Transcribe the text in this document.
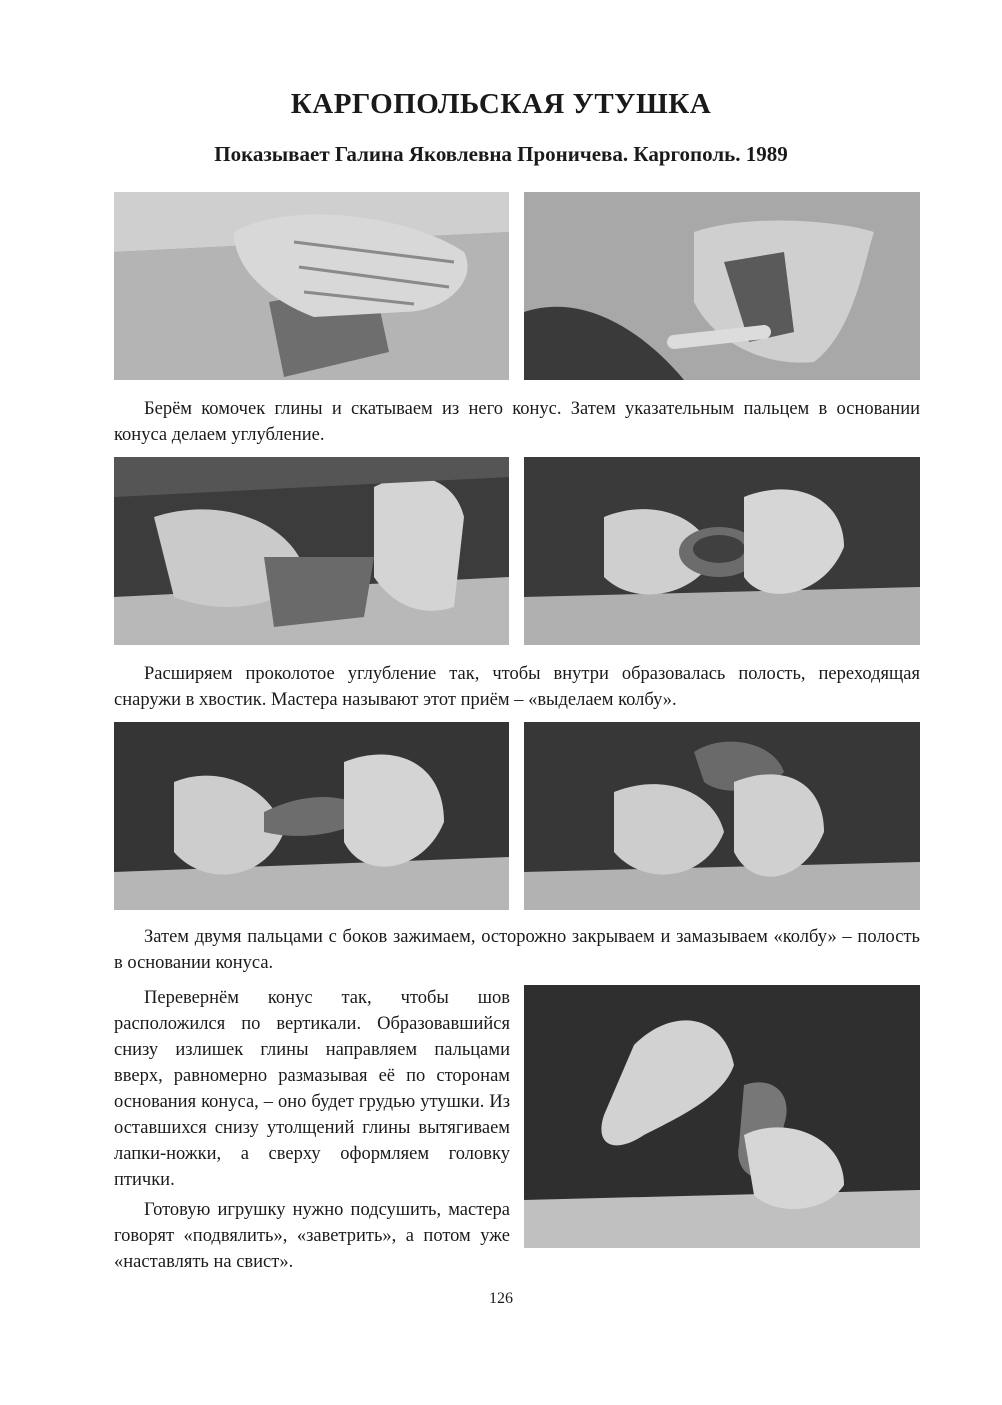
КАРГОПОЛЬСКАЯ УТУШКА
Показывает Галина Яковлевна Проничева. Каргополь. 1989

Берём комочек глины и скатываем из него конус. Затем указательным пальцем в основании конуса делаем углубление.

Расширяем проколотое углубление так, чтобы внутри образовалась полость, переходящая снаружи в хвостик. Мастера называют этот приём – «выделаем колбу».

Затем двумя пальцами с боков зажимаем, осторожно закрываем и замазываем «колбу» – полость в основании конуса.

Перевернём конус так, чтобы шов расположился по вертикали. Образовавшийся снизу излишек глины направляем пальцами вверх, равномерно размазывая её по сторонам основания конуса, – оно будет грудью утушки. Из оставшихся снизу утолщений глины вытягиваем лапки-ножки, а сверху оформляем головку птички.

Готовую игрушку нужно подсушить, мастера говорят «подвялить», «заветрить», а потом уже «наставлять на свист».

126
